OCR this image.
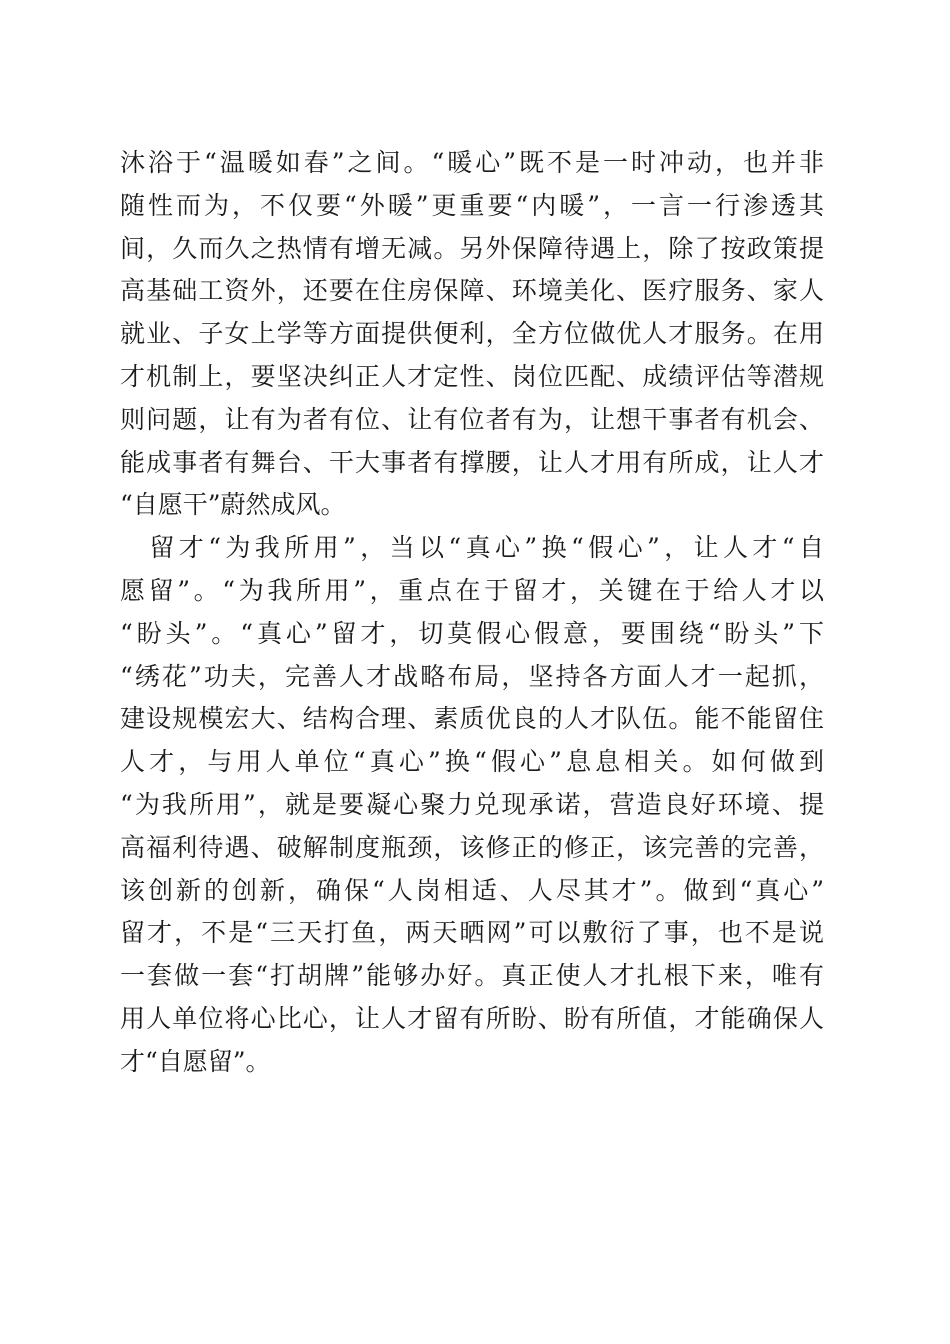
沐浴于“温暖如春”之间。“暖心”既不是一时冲动，也并非
随性而为，不仅要“外暖”更重要“内暖”，一言一行渗透其
间，久而久之热情有增无减。另外保障待遇上，除了按政策提
高基础工资外，还要在住房保障、环境美化、医疗服务、家人
就业、子女上学等方面提供便利，全方位做优人才服务。在用
才机制上，要坚决纠正人才定性、岗位匹配、成绩评估等潜规
则问题，让有为者有位、让有位者有为，让想干事者有机会、
能成事者有舞台、干大事者有撑腰，让人才用有所成，让人才
“自愿干”蔚然成风。
　留才“为我所用”，当以“真心”换“假心”，让人才“自
愿留”。“为我所用”，重点在于留才，关键在于给人才以
“盼头”。“真心”留才，切莫假心假意，要围绕“盼头”下
“绣花”功夫，完善人才战略布局，坚持各方面人才一起抓，
建设规模宏大、结构合理、素质优良的人才队伍。能不能留住
人才，与用人单位“真心”换“假心”息息相关。如何做到
“为我所用”，就是要凝心聚力兑现承诺，营造良好环境、提
高福利待遇、破解制度瓶颈，该修正的修正，该完善的完善，
该创新的创新，确保“人岗相适、人尽其才”。做到“真心”
留才，不是“三天打鱼，两天晒网”可以敷衍了事，也不是说
一套做一套“打胡牌”能够办好。真正使人才扎根下来，唯有
用人单位将心比心，让人才留有所盼、盼有所值，才能确保人
才“自愿留”。
